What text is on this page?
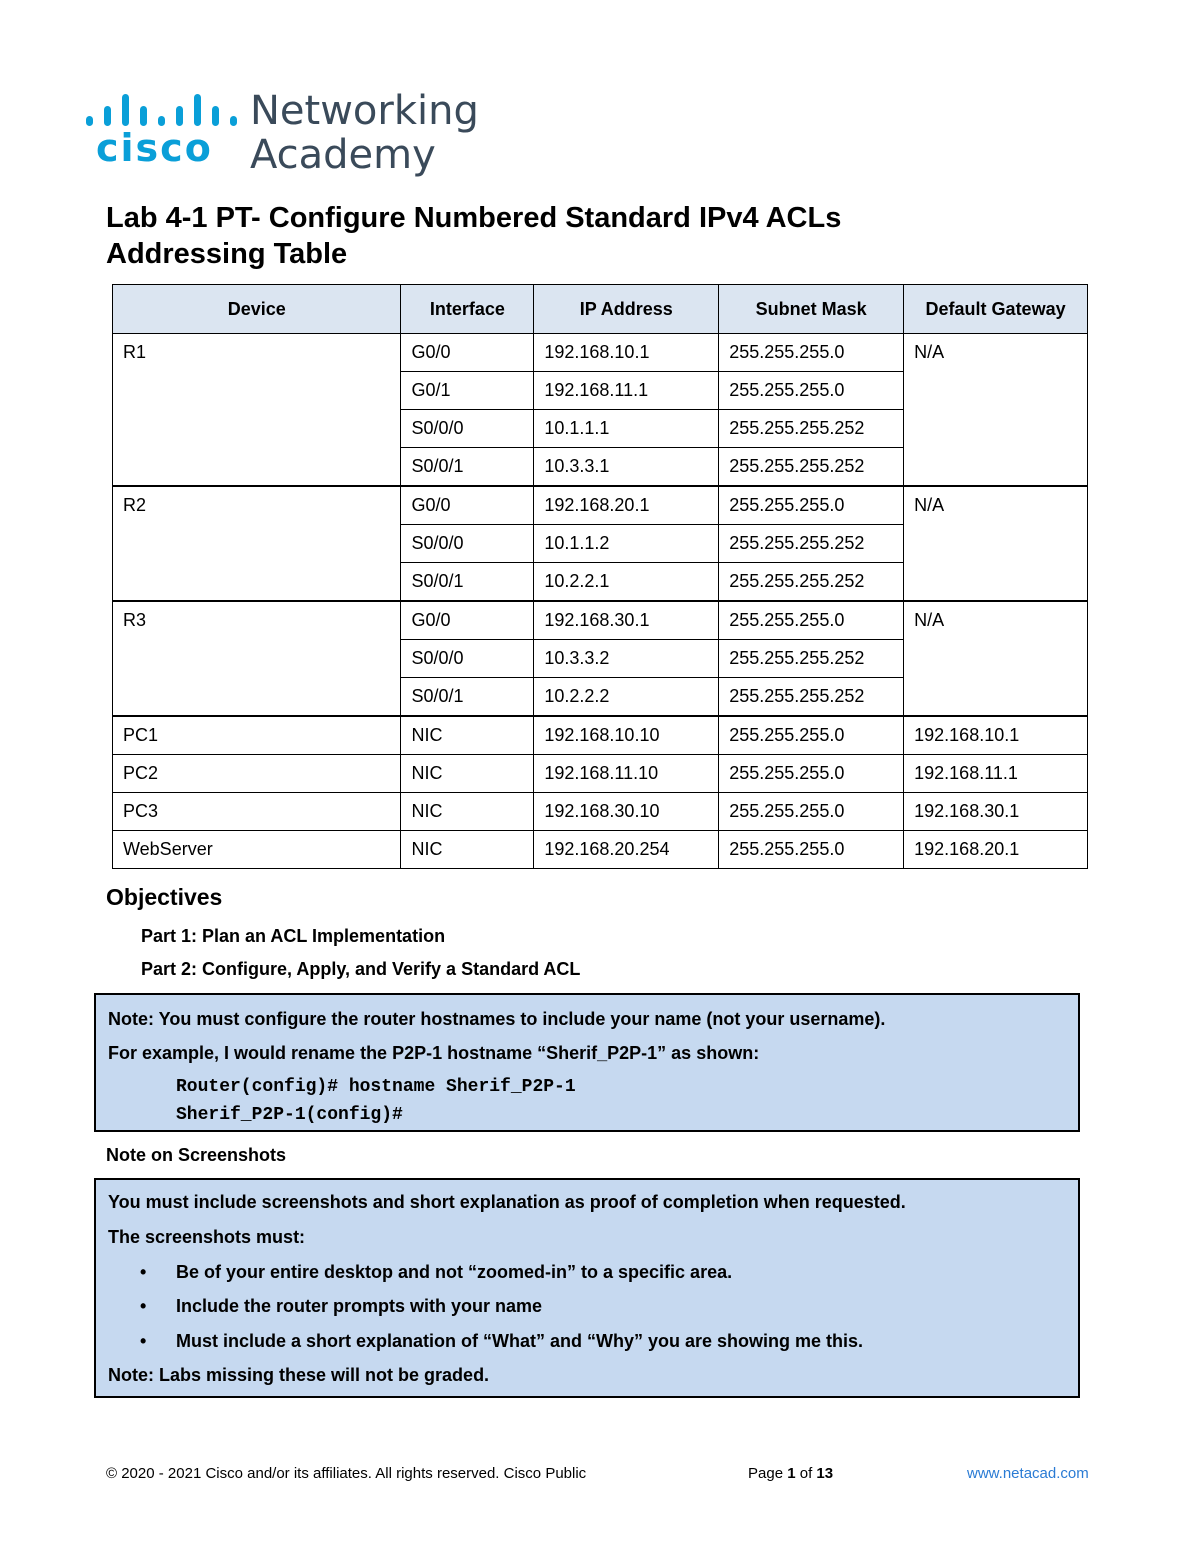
cisco
Networking
Academy
Lab 4-1 PT- Configure Numbered Standard IPv4 ACLs
Addressing Table
Device	Interface	IP Address	Subnet Mask	Default Gateway
R1	G0/0	192.168.10.1	255.255.255.0	N/A
	G0/1	192.168.11.1	255.255.255.0	
	S0/0/0	10.1.1.1	255.255.255.252	
	S0/0/1	10.3.3.1	255.255.255.252	
R2	G0/0	192.168.20.1	255.255.255.0	N/A
	S0/0/0	10.1.1.2	255.255.255.252	
	S0/0/1	10.2.2.1	255.255.255.252	
R3	G0/0	192.168.30.1	255.255.255.0	N/A
	S0/0/0	10.3.3.2	255.255.255.252	
	S0/0/1	10.2.2.2	255.255.255.252	
PC1	NIC	192.168.10.10	255.255.255.0	192.168.10.1
PC2	NIC	192.168.11.10	255.255.255.0	192.168.11.1
PC3	NIC	192.168.30.10	255.255.255.0	192.168.30.1
WebServer	NIC	192.168.20.254	255.255.255.0	192.168.20.1
Objectives
Part 1: Plan an ACL Implementation
Part 2: Configure, Apply, and Verify a Standard ACL
Note: You must configure the router hostnames to include your name (not your username).
For example, I would rename the P2P-1 hostname “Sherif_P2P-1” as shown:
Router(config)# hostname Sherif_P2P-1
Sherif_P2P-1(config)#
Note on Screenshots
You must include screenshots and short explanation as proof of completion when requested.
The screenshots must:
• Be of your entire desktop and not “zoomed-in” to a specific area.
• Include the router prompts with your name
• Must include a short explanation of “What” and “Why” you are showing me this.
Note: Labs missing these will not be graded.
© 2020 - 2021 Cisco and/or its affiliates. All rights reserved. Cisco Public	Page 1 of 13	www.netacad.com
